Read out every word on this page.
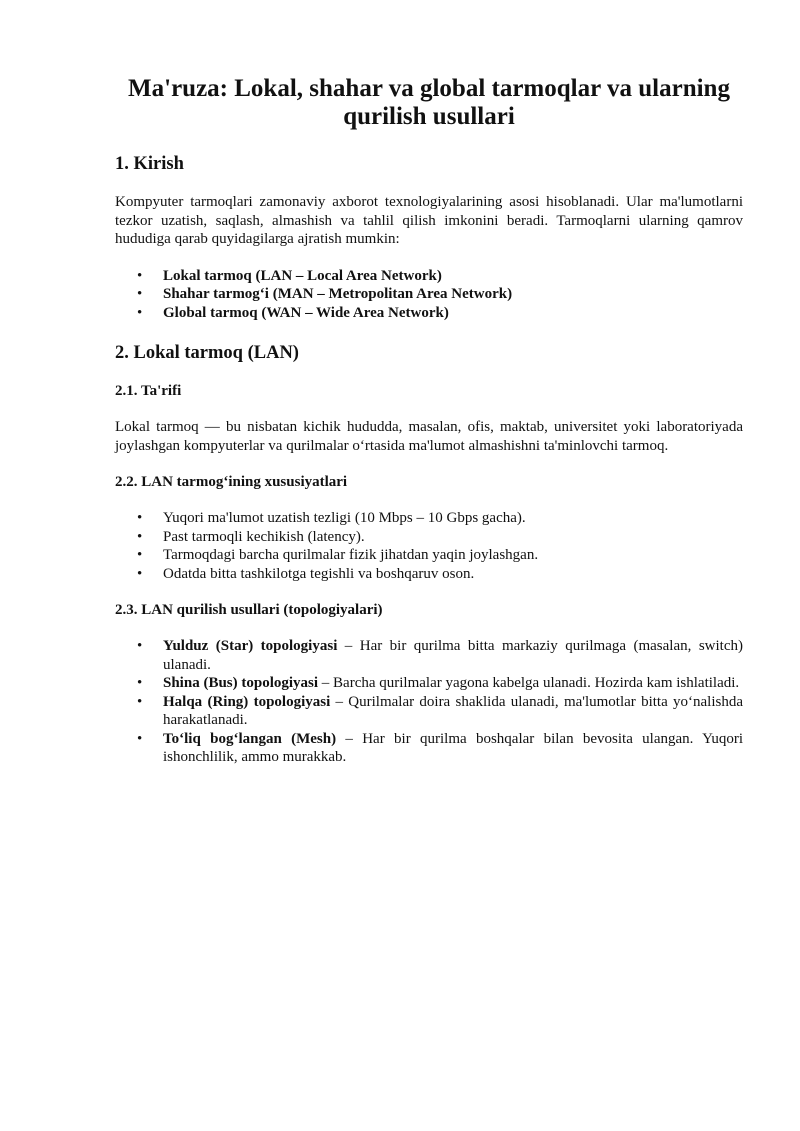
Ma'ruza: Lokal, shahar va global tarmoqlar va ularning qurilish usullari
1. Kirish

Kompyuter tarmoqlari zamonaviy axborot texnologiyalarining asosi hisoblanadi. Ular ma'lumotlarni tezkor uzatish, saqlash, almashish va tahlil qilish imkonini beradi. Tarmoqlarni ularning qamrov hududiga qarab quyidagilarga ajratish mumkin:

• Lokal tarmoq (LAN – Local Area Network)
• Shahar tarmog‘i (MAN – Metropolitan Area Network)
• Global tarmoq (WAN – Wide Area Network)
2. Lokal tarmoq (LAN)
2.1. Ta'rifi

Lokal tarmoq — bu nisbatan kichik hududda, masalan, ofis, maktab, universitet yoki laboratoriyada joylashgan kompyuterlar va qurilmalar o‘rtasida ma'lumot almashishni ta'minlovchi tarmoq.

2.2. LAN tarmog‘ining xususiyatlari
• Yuqori ma'lumot uzatish tezligi (10 Mbps – 10 Gbps gacha).
• Past tarmoqli kechikish (latency).
• Tarmoqdagi barcha qurilmalar fizik jihatdan yaqin joylashgan.
• Odatda bitta tashkilotga tegishli va boshqaruv oson.
2.3. LAN qurilish usullari (topologiyalari)
• Yulduz (Star) topologiyasi – Har bir qurilma bitta markaziy qurilmaga (masalan, switch) ulanadi.
• Shina (Bus) topologiyasi – Barcha qurilmalar yagona kabelga ulanadi. Hozirda kam ishlatiladi.
• Halqa (Ring) topologiyasi – Qurilmalar doira shaklida ulanadi, ma'lumotlar bitta yo‘nalishda harakatlanadi.
• To‘liq bog‘langan (Mesh) – Har bir qurilma boshqalar bilan bevosita ulangan. Yuqori ishonchlilik, ammo murakkab.
